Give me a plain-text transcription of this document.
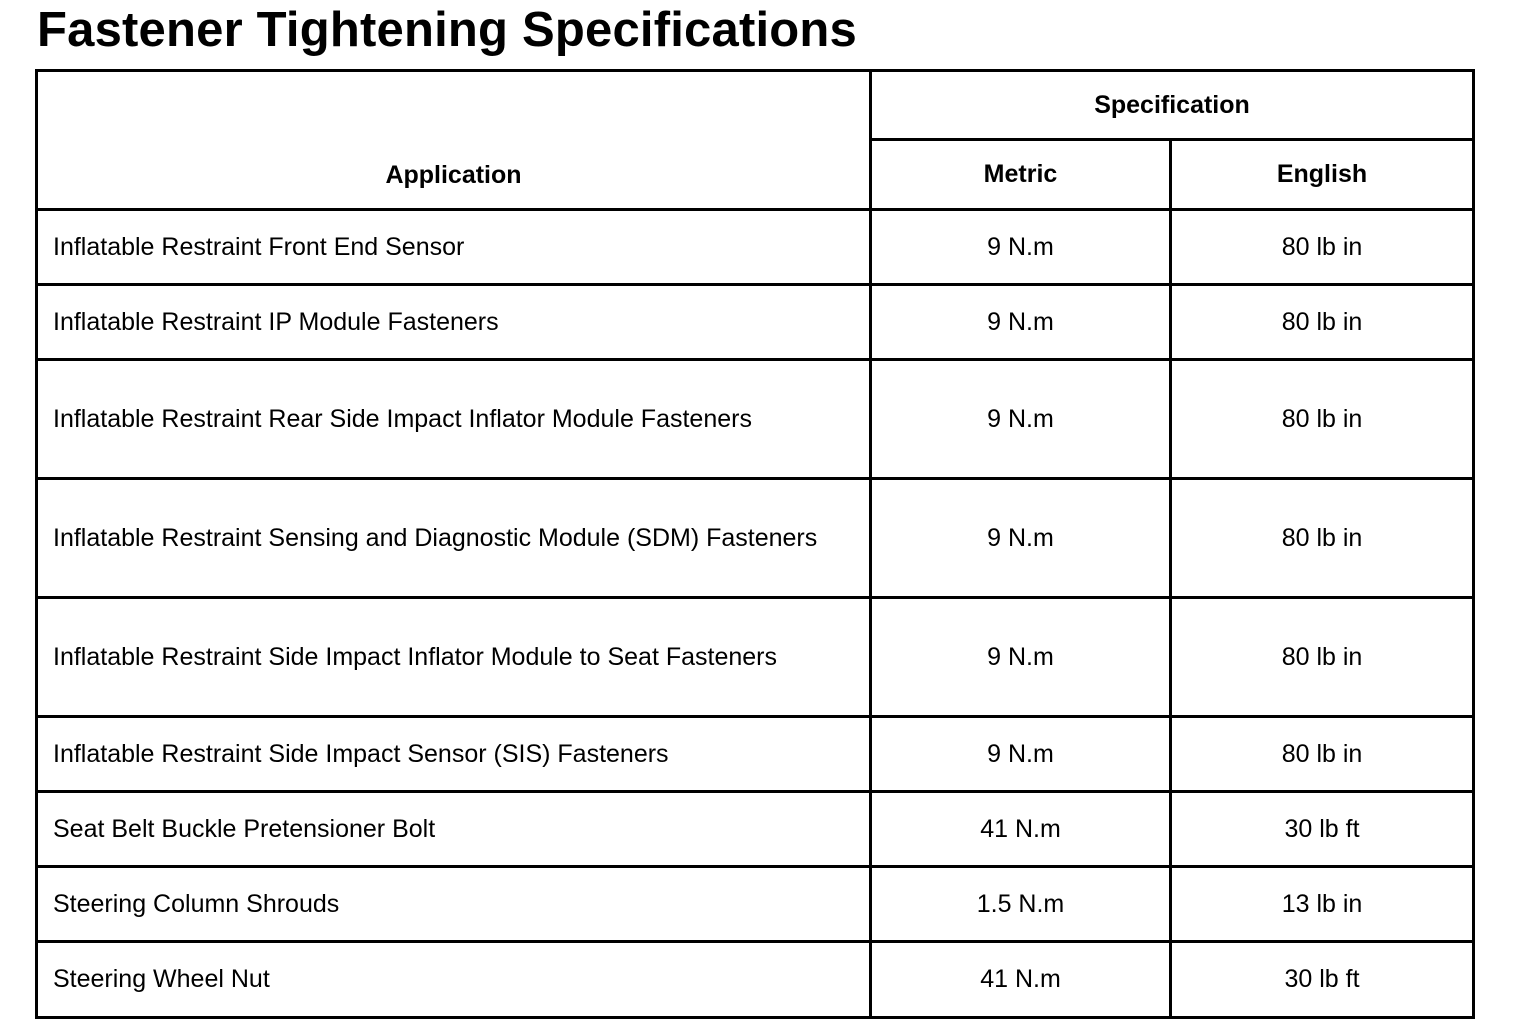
Fastener Tightening Specifications
Application	Specification	
	Metric	English
Inflatable Restraint Front End Sensor	9 N.m	80 lb in
Inflatable Restraint IP Module Fasteners	9 N.m	80 lb in
Inflatable Restraint Rear Side Impact Inflator Module Fasteners	9 N.m	80 lb in
Inflatable Restraint Sensing and Diagnostic Module (SDM) Fasteners	9 N.m	80 lb in
Inflatable Restraint Side Impact Inflator Module to Seat Fasteners	9 N.m	80 lb in
Inflatable Restraint Side Impact Sensor (SIS) Fasteners	9 N.m	80 lb in
Seat Belt Buckle Pretensioner Bolt	41 N.m	30 lb ft
Steering Column Shrouds	1.5 N.m	13 lb in
Steering Wheel Nut	41 N.m	30 lb ft
